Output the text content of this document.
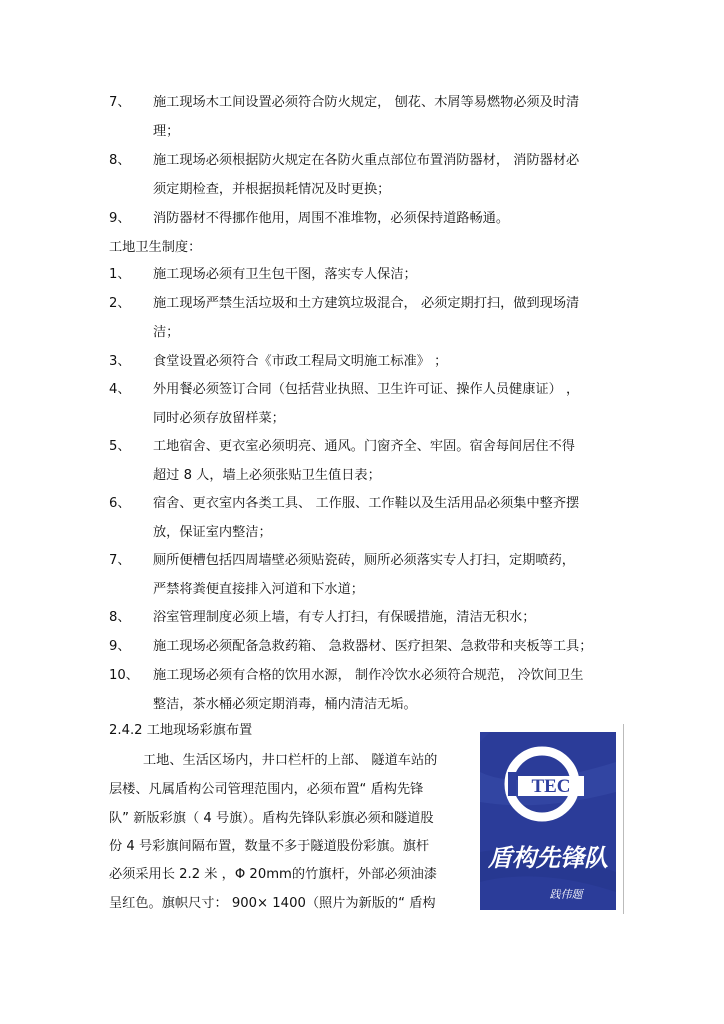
7、 施工现场木工间设置必须符合防火规定， 刨花、木屑等易燃物必须及时清
理；
8、 施工现场必须根据防火规定在各防火重点部位布置消防器材， 消防器材必
须定期检查，并根据损耗情况及时更换；
9、 消防器材不得挪作他用，周围不准堆物，必须保持道路畅通。
工地卫生制度：
1、 施工现场必须有卫生包干图，落实专人保洁；
2、 施工现场严禁生活垃圾和土方建筑垃圾混合， 必须定期打扫，做到现场清
洁；
3、 食堂设置必须符合《市政工程局文明施工标准》 ；
4、 外用餐必须签订合同（包括营业执照、卫生许可证、操作人员健康证） ，
同时必须存放留样菜；
5、 工地宿舍、更衣室必须明亮、通风。门窗齐全、牢固。宿舍每间居住不得
超过 8 人，墙上必须张贴卫生值日表；
6、 宿舍、更衣室内各类工具、 工作服、工作鞋以及生活用品必须集中整齐摆
放，保证室内整洁；
7、 厕所便槽包括四周墙壁必须贴瓷砖，厕所必须落实专人打扫，定期喷药，
严禁将粪便直接排入河道和下水道；
8、 浴室管理制度必须上墙，有专人打扫，有保暖措施，清洁无积水；
9、 施工现场必须配备急救药箱、 急救器材、医疗担架、急救带和夹板等工具；
10、 施工现场必须有合格的饮用水源， 制作冷饮水必须符合规范， 冷饮间卫生
整洁，茶水桶必须定期消毒，桶内清洁无垢。
2.4.2 工地现场彩旗布置
工地、生活区场内，井口栏杆的上部、 隧道车站的
层楼、凡属盾构公司管理范围内，必须布置“ 盾构先锋
队” 新版彩旗（ 4 号旗）。盾构先锋队彩旗必须和隧道股
份 4 号彩旗间隔布置，数量不多于隧道股份彩旗。旗杆
必须采用长 2.2 米 ，Φ 20mm的竹旗杆，外部必须油漆
呈红色。旗帜尺寸： 900× 1400（照片为新版的“ 盾构
TEC
盾构先锋队
践伟题
